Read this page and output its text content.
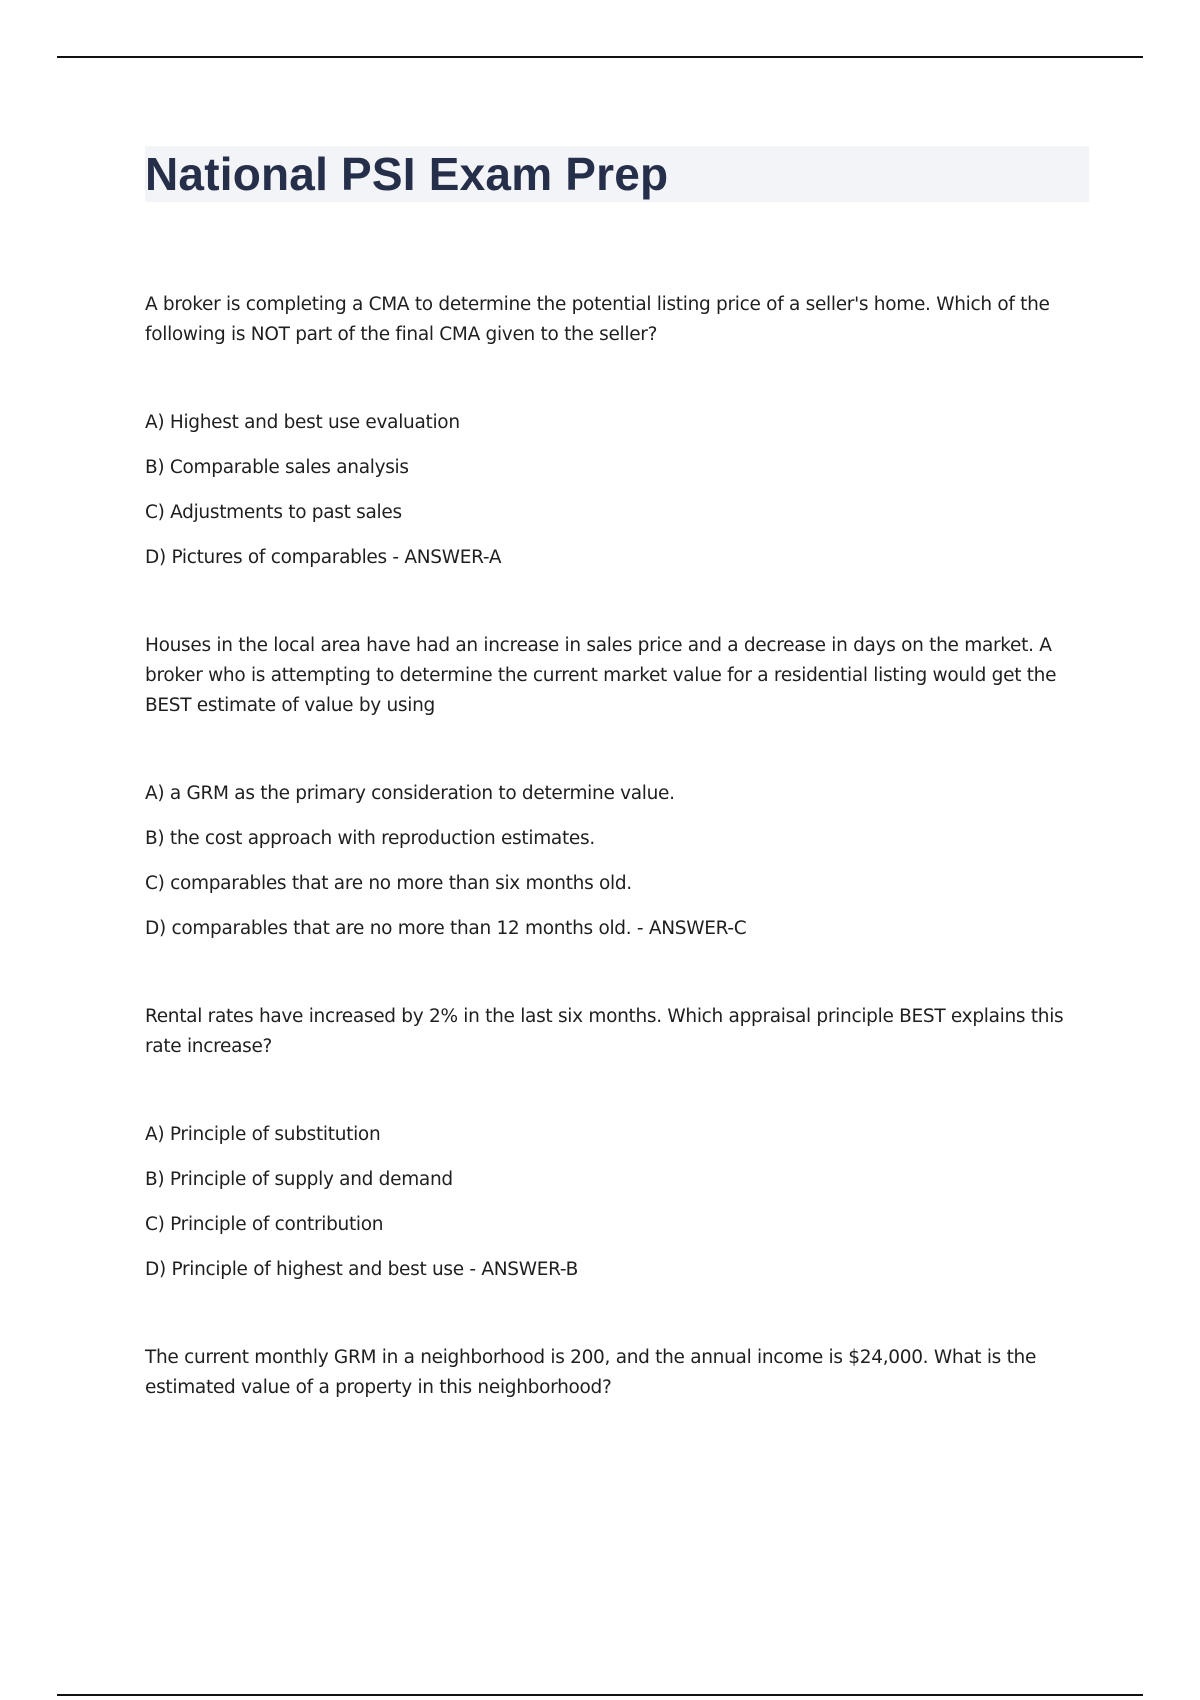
National PSI Exam Prep

A broker is completing a CMA to determine the potential listing price of a seller's home. Which of the following is NOT part of the final CMA given to the seller?

A) Highest and best use evaluation
B) Comparable sales analysis
C) Adjustments to past sales
D) Pictures of comparables - ANSWER-A

Houses in the local area have had an increase in sales price and a decrease in days on the market. A broker who is attempting to determine the current market value for a residential listing would get the BEST estimate of value by using

A) a GRM as the primary consideration to determine value.
B) the cost approach with reproduction estimates.
C) comparables that are no more than six months old.
D) comparables that are no more than 12 months old. - ANSWER-C

Rental rates have increased by 2% in the last six months. Which appraisal principle BEST explains this rate increase?

A) Principle of substitution
B) Principle of supply and demand
C) Principle of contribution
D) Principle of highest and best use - ANSWER-B

The current monthly GRM in a neighborhood is 200, and the annual income is $24,000. What is the estimated value of a property in this neighborhood?
